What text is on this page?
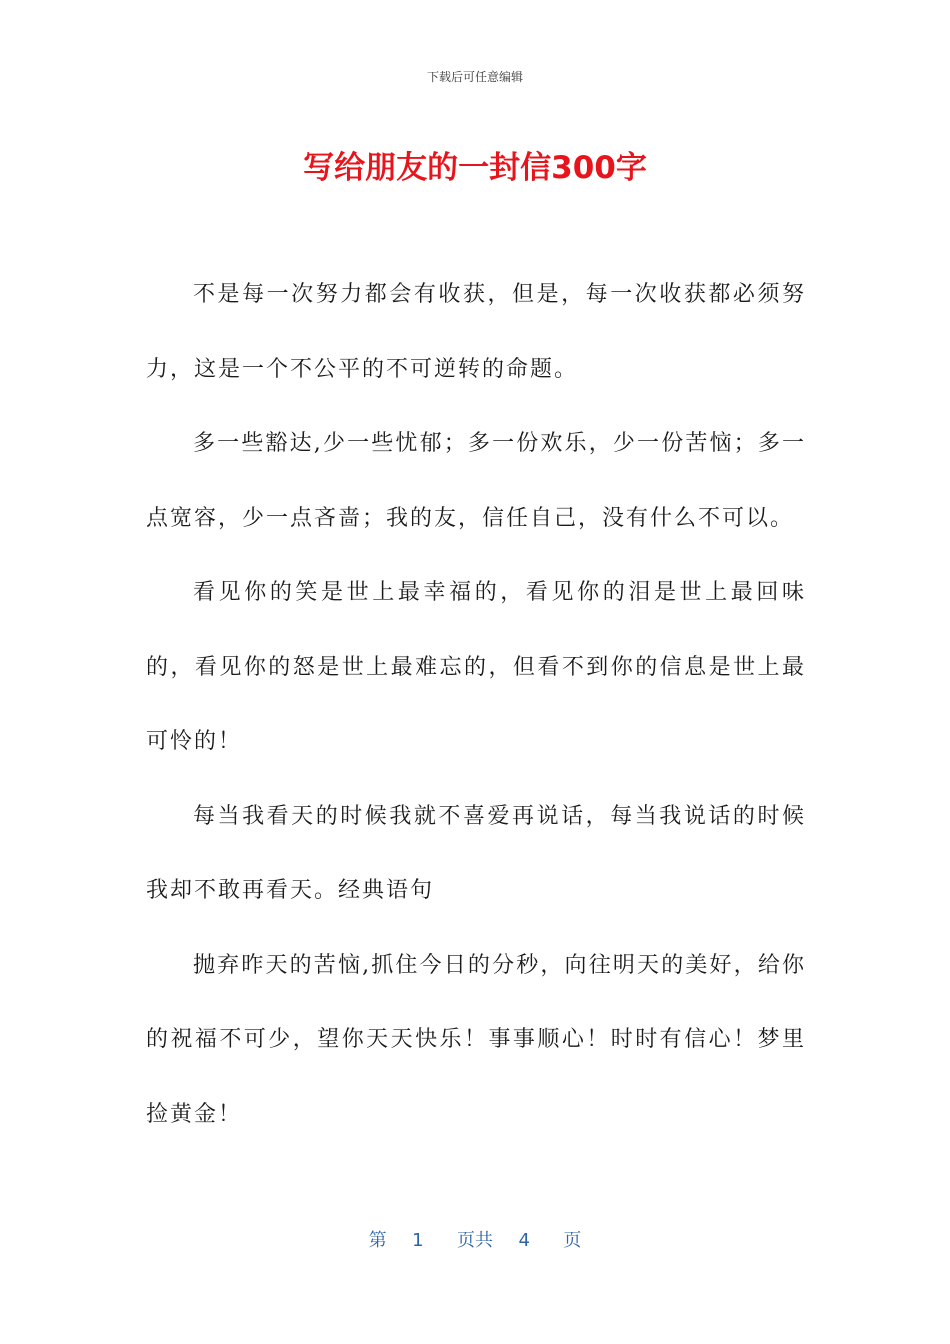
下载后可任意编辑
写给朋友的一封信300字

不是每一次努力都会有收获，但是，每一次收获都必须努力，这是一个不公平的不可逆转的命题。

多一些豁达,少一些忧郁；多一份欢乐，少一份苦恼；多一点宽容，少一点吝啬；我的友，信任自己，没有什么不可以。

看见你的笑是世上最幸福的，看见你的泪是世上最回味的，看见你的怒是世上最难忘的，但看不到你的信息是世上最可怜的！

每当我看天的时候我就不喜爱再说话，每当我说话的时候我却不敢再看天。经典语句

抛弃昨天的苦恼,抓住今日的分秒，向往明天的美好，给你的祝福不可少，望你天天快乐！事事顺心！时时有信心！梦里捡黄金！

第 1 页共 4 页
